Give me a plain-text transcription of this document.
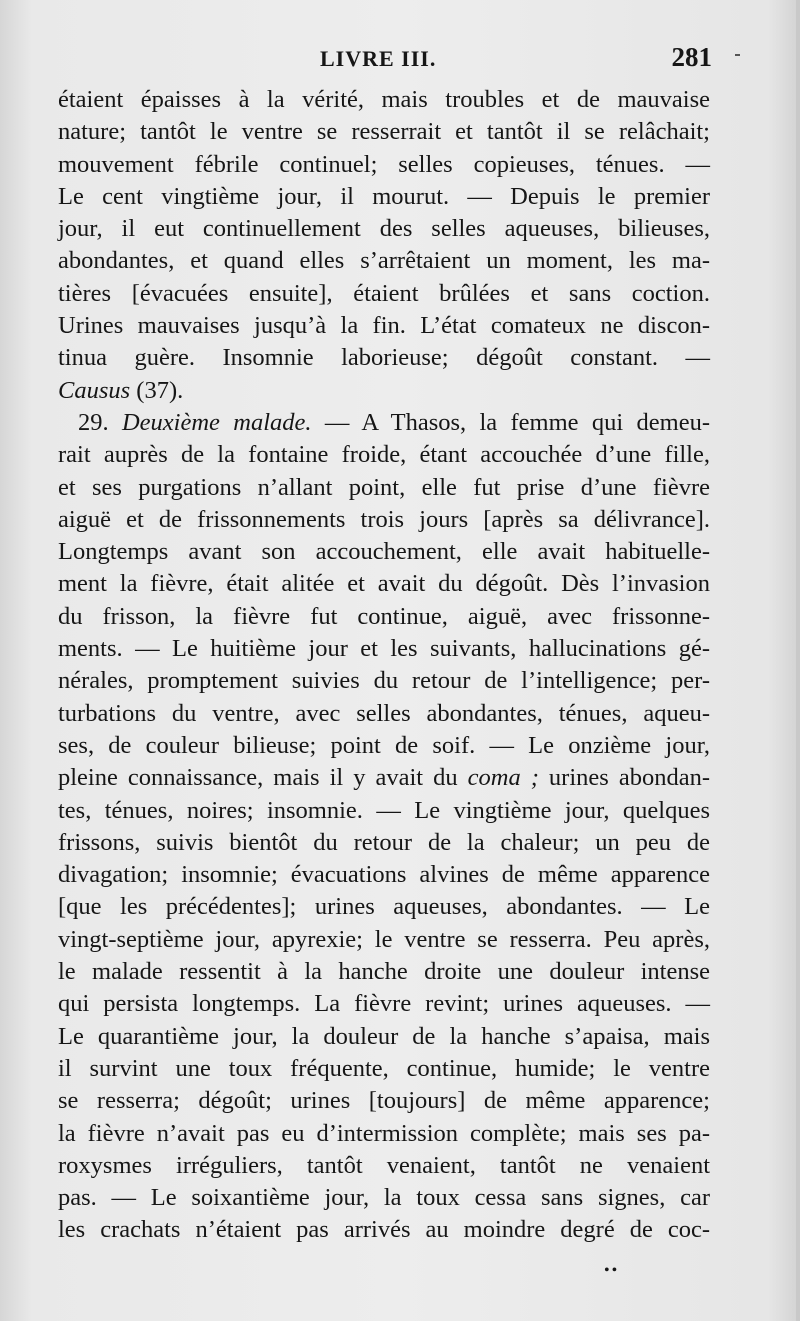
LIVRE III.	281
étaient épaisses à la vérité, mais troubles et de mauvaise
nature; tantôt le ventre se resserrait et tantôt il se relâchait;
mouvement fébrile continuel; selles copieuses, ténues. —
Le cent vingtième jour, il mourut. — Depuis le premier
jour, il eut continuellement des selles aqueuses, bilieuses,
abondantes, et quand elles s’arrêtaient un moment, les ma-
tières [évacuées ensuite], étaient brûlées et sans coction.
Urines mauvaises jusqu’à la fin. L’état comateux ne discon-
tinua guère. Insomnie laborieuse; dégoût constant. —
Causus (37).
29. Deuxième malade. — A Thasos, la femme qui demeu-
rait auprès de la fontaine froide, étant accouchée d’une fille,
et ses purgations n’allant point, elle fut prise d’une fièvre
aiguë et de frissonnements trois jours [après sa délivrance].
Longtemps avant son accouchement, elle avait habituelle-
ment la fièvre, était alitée et avait du dégoût. Dès l’invasion
du frisson, la fièvre fut continue, aiguë, avec frissonne-
ments. — Le huitième jour et les suivants, hallucinations gé-
nérales, promptement suivies du retour de l’intelligence; per-
turbations du ventre, avec selles abondantes, ténues, aqueu-
ses, de couleur bilieuse; point de soif. — Le onzième jour,
pleine connaissance, mais il y avait du coma ; urines abondan-
tes, ténues, noires; insomnie. — Le vingtième jour, quelques
frissons, suivis bientôt du retour de la chaleur; un peu de
divagation; insomnie; évacuations alvines de même apparence
[que les précédentes]; urines aqueuses, abondantes. — Le
vingt-septième jour, apyrexie; le ventre se resserra. Peu après,
le malade ressentit à la hanche droite une douleur intense
qui persista longtemps. La fièvre revint; urines aqueuses. —
Le quarantième jour, la douleur de la hanche s’apaisa, mais
il survint une toux fréquente, continue, humide; le ventre
se resserra; dégoût; urines [toujours] de même apparence;
la fièvre n’avait pas eu d’intermission complète; mais ses pa-
roxysmes irréguliers, tantôt venaient, tantôt ne venaient
pas. — Le soixantième jour, la toux cessa sans signes, car
les crachats n’étaient pas arrivés au moindre degré de coc-
••
